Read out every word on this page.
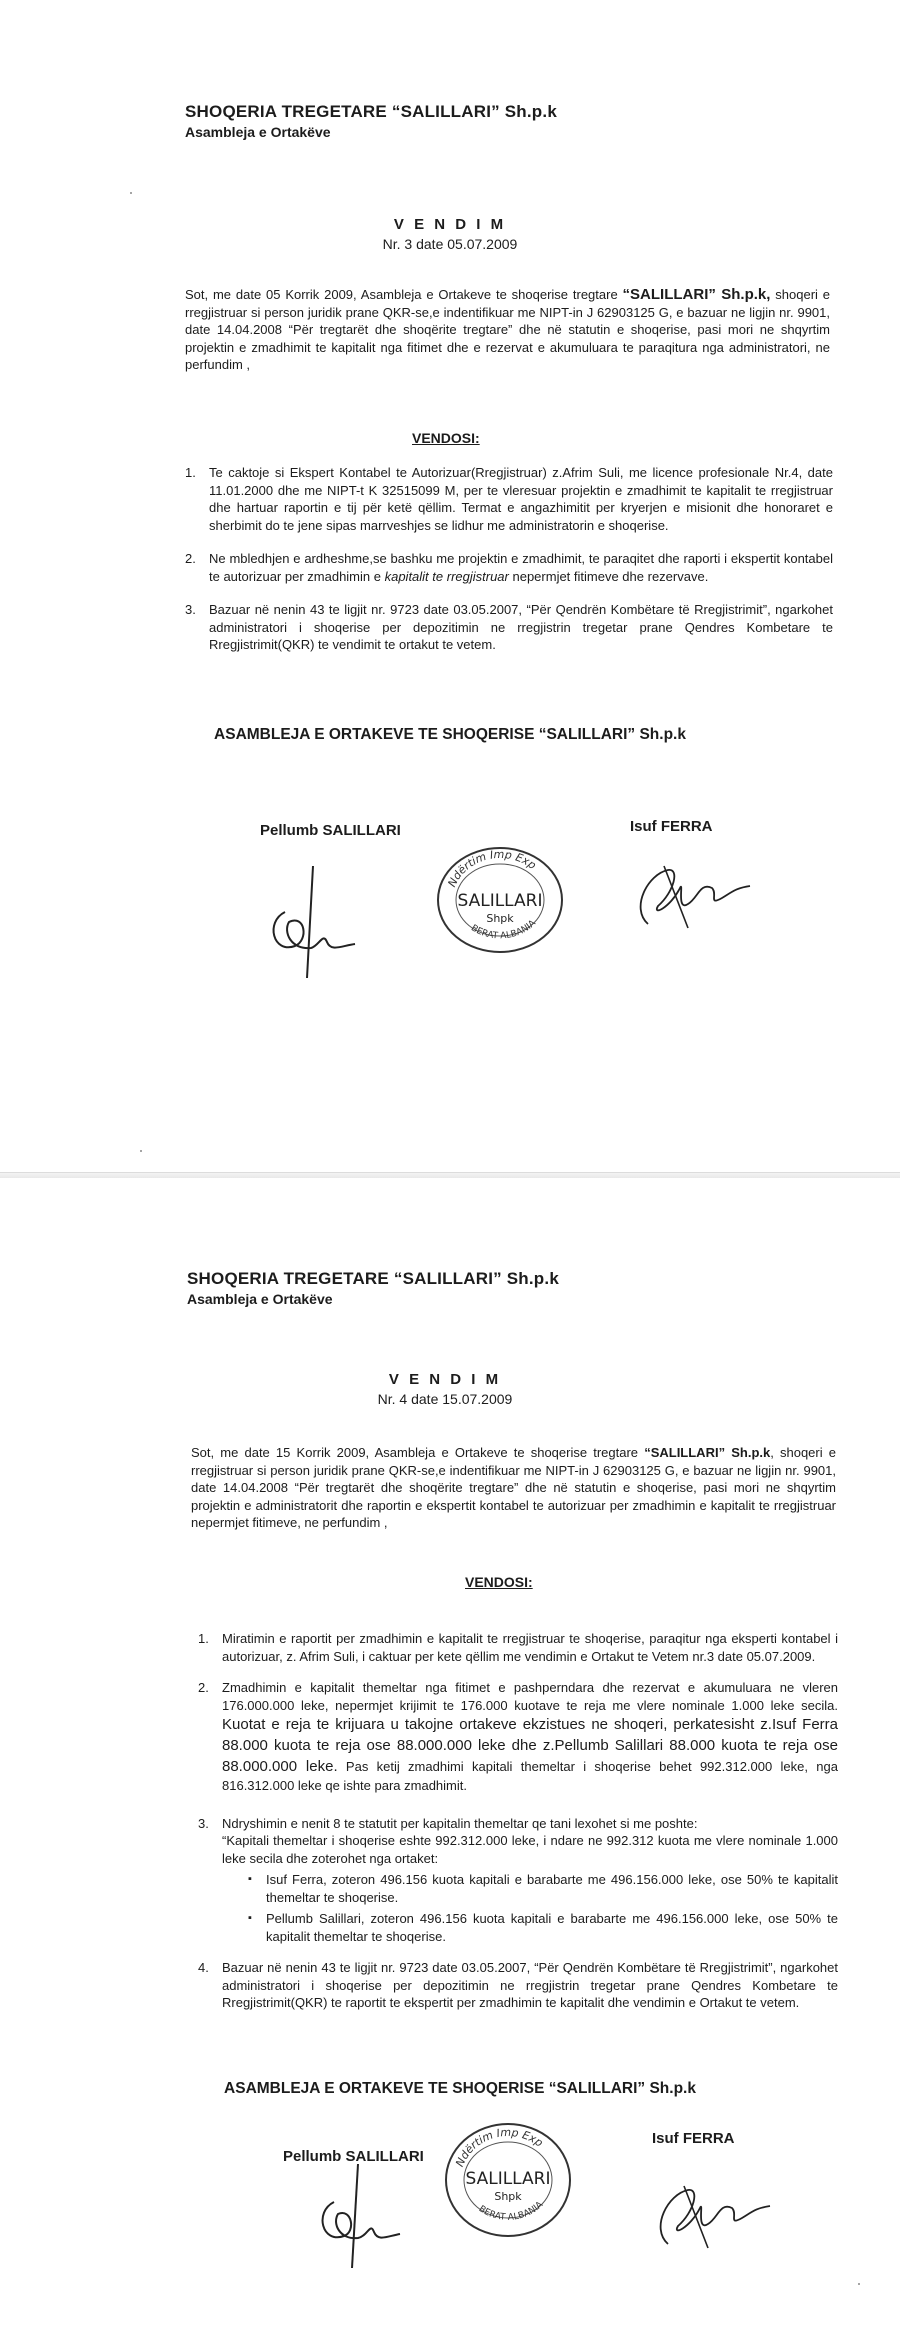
SHOQERIA TREGETARE “SALILLARI” Sh.p.k
Asambleja e Ortakëve
V E N D I M
Nr. 3 date 05.07.2009
Sot, me date 05 Korrik 2009, Asambleja e Ortakeve te shoqerise tregtare “SALILLARI” Sh.p.k, shoqeri e rregjistruar si person juridik prane QKR-se,e indentifikuar me NIPT-in J 62903125 G, e bazuar ne ligjin nr. 9901, date 14.04.2008 “Për tregtarët dhe shoqërite tregtare” dhe në statutin e shoqerise, pasi mori ne shqyrtim projektin e zmadhimit te kapitalit nga fitimet dhe e rezervat e akumuluara te paraqitura nga administratori, ne perfundim ,
VENDOSI:
1. Te caktoje si Ekspert Kontabel te Autorizuar(Rregjistruar) z.Afrim Suli, me licence profesionale Nr.4, date 11.01.2000 dhe me NIPT-t K 32515099 M, per te vleresuar projektin e zmadhimit te kapitalit te rregjistruar dhe hartuar raportin e tij për ketë qëllim. Termat e angazhimitit per kryerjen e misionit dhe honoraret e sherbimit do te jene sipas marrveshjes se lidhur me administratorin e shoqerise.
2. Ne mbledhjen e ardheshme,se bashku me projektin e zmadhimit, te paraqitet dhe raporti i ekspertit kontabel te autorizuar per zmadhimin e kapitalit te rregjistruar nepermjet fitimeve dhe rezervave.
3. Bazuar në nenin 43 te ligjit nr. 9723 date 03.05.2007, “Për Qendrën Kombëtare të Rregjistrimit”, ngarkohet administratori i shoqerise per depozitimin ne rregjistrin tregetar prane Qendres Kombetare te Rregjistrimit(QKR) te vendimit te ortakut te vetem.
ASAMBLEJA E ORTAKEVE TE SHOQERISE “SALILLARI” Sh.p.k
Pellumb SALILLARI	Isuf FERRA
Ndërtim Imp Exp
SALILLARI
Shpk
BERAT ALBANIA
SHOQERIA TREGETARE “SALILLARI” Sh.p.k
Asambleja e Ortakëve
V E N D I M
Nr. 4 date 15.07.2009
Sot, me date 15 Korrik 2009, Asambleja e Ortakeve te shoqerise tregtare “SALILLARI” Sh.p.k, shoqeri e rregjistruar si person juridik prane QKR-se,e indentifikuar me NIPT-in J 62903125 G, e bazuar ne ligjin nr. 9901, date 14.04.2008 “Për tregtarët dhe shoqërite tregtare” dhe në statutin e shoqerise, pasi mori ne shqyrtim projektin e administratorit dhe raportin e ekspertit kontabel te autorizuar per zmadhimin e kapitalit te rregjistruar nepermjet fitimeve, ne perfundim ,
VENDOSI:
1. Miratimin e raportit per zmadhimin e kapitalit te rregjistruar te shoqerise, paraqitur nga eksperti kontabel i autorizuar, z. Afrim Suli, i caktuar per kete qëllim me vendimin e Ortakut te Vetem nr.3 date 05.07.2009.
2. Zmadhimin e kapitalit themeltar nga fitimet e pashperndara dhe rezervat e akumuluara ne vleren 176.000.000 leke, nepermjet krijimit te 176.000 kuotave te reja me vlere nominale 1.000 leke secila. Kuotat e reja te krijuara u takojne ortakeve ekzistues ne shoqeri, perkatesisht z.Isuf Ferra 88.000 kuota te reja ose 88.000.000 leke dhe z.Pellumb Salillari 88.000 kuota te reja ose 88.000.000 leke. Pas ketij zmadhimi kapitali themeltar i shoqerise behet 992.312.000 leke, nga 816.312.000 leke qe ishte para zmadhimit.
3. Ndryshimin e nenit 8 te statutit per kapitalin themeltar qe tani lexohet si me poshte:
“Kapitali themeltar i shoqerise eshte 992.312.000 leke, i ndare ne 992.312 kuota me vlere nominale 1.000 leke secila dhe zoterohet nga ortaket:
▪ Isuf Ferra, zoteron 496.156 kuota kapitali e barabarte me 496.156.000 leke, ose 50% te kapitalit themeltar te shoqerise.
▪ Pellumb Salillari, zoteron 496.156 kuota kapitali e barabarte me 496.156.000 leke, ose 50% te kapitalit themeltar te shoqerise.
4. Bazuar në nenin 43 te ligjit nr. 9723 date 03.05.2007, “Për Qendrën Kombëtare të Rregjistrimit”, ngarkohet administratori i shoqerise per depozitimin ne rregjistrin tregetar prane Qendres Kombetare te Rregjistrimit(QKR) te raportit te ekspertit per zmadhimin te kapitalit dhe vendimin e Ortakut te vetem.
ASAMBLEJA E ORTAKEVE TE SHOQERISE “SALILLARI” Sh.p.k
Pellumb SALILLARI
Isuf FERRA
Ndërtim Imp Exp
SALILLARI
Shpk
BERAT ALBANIA
